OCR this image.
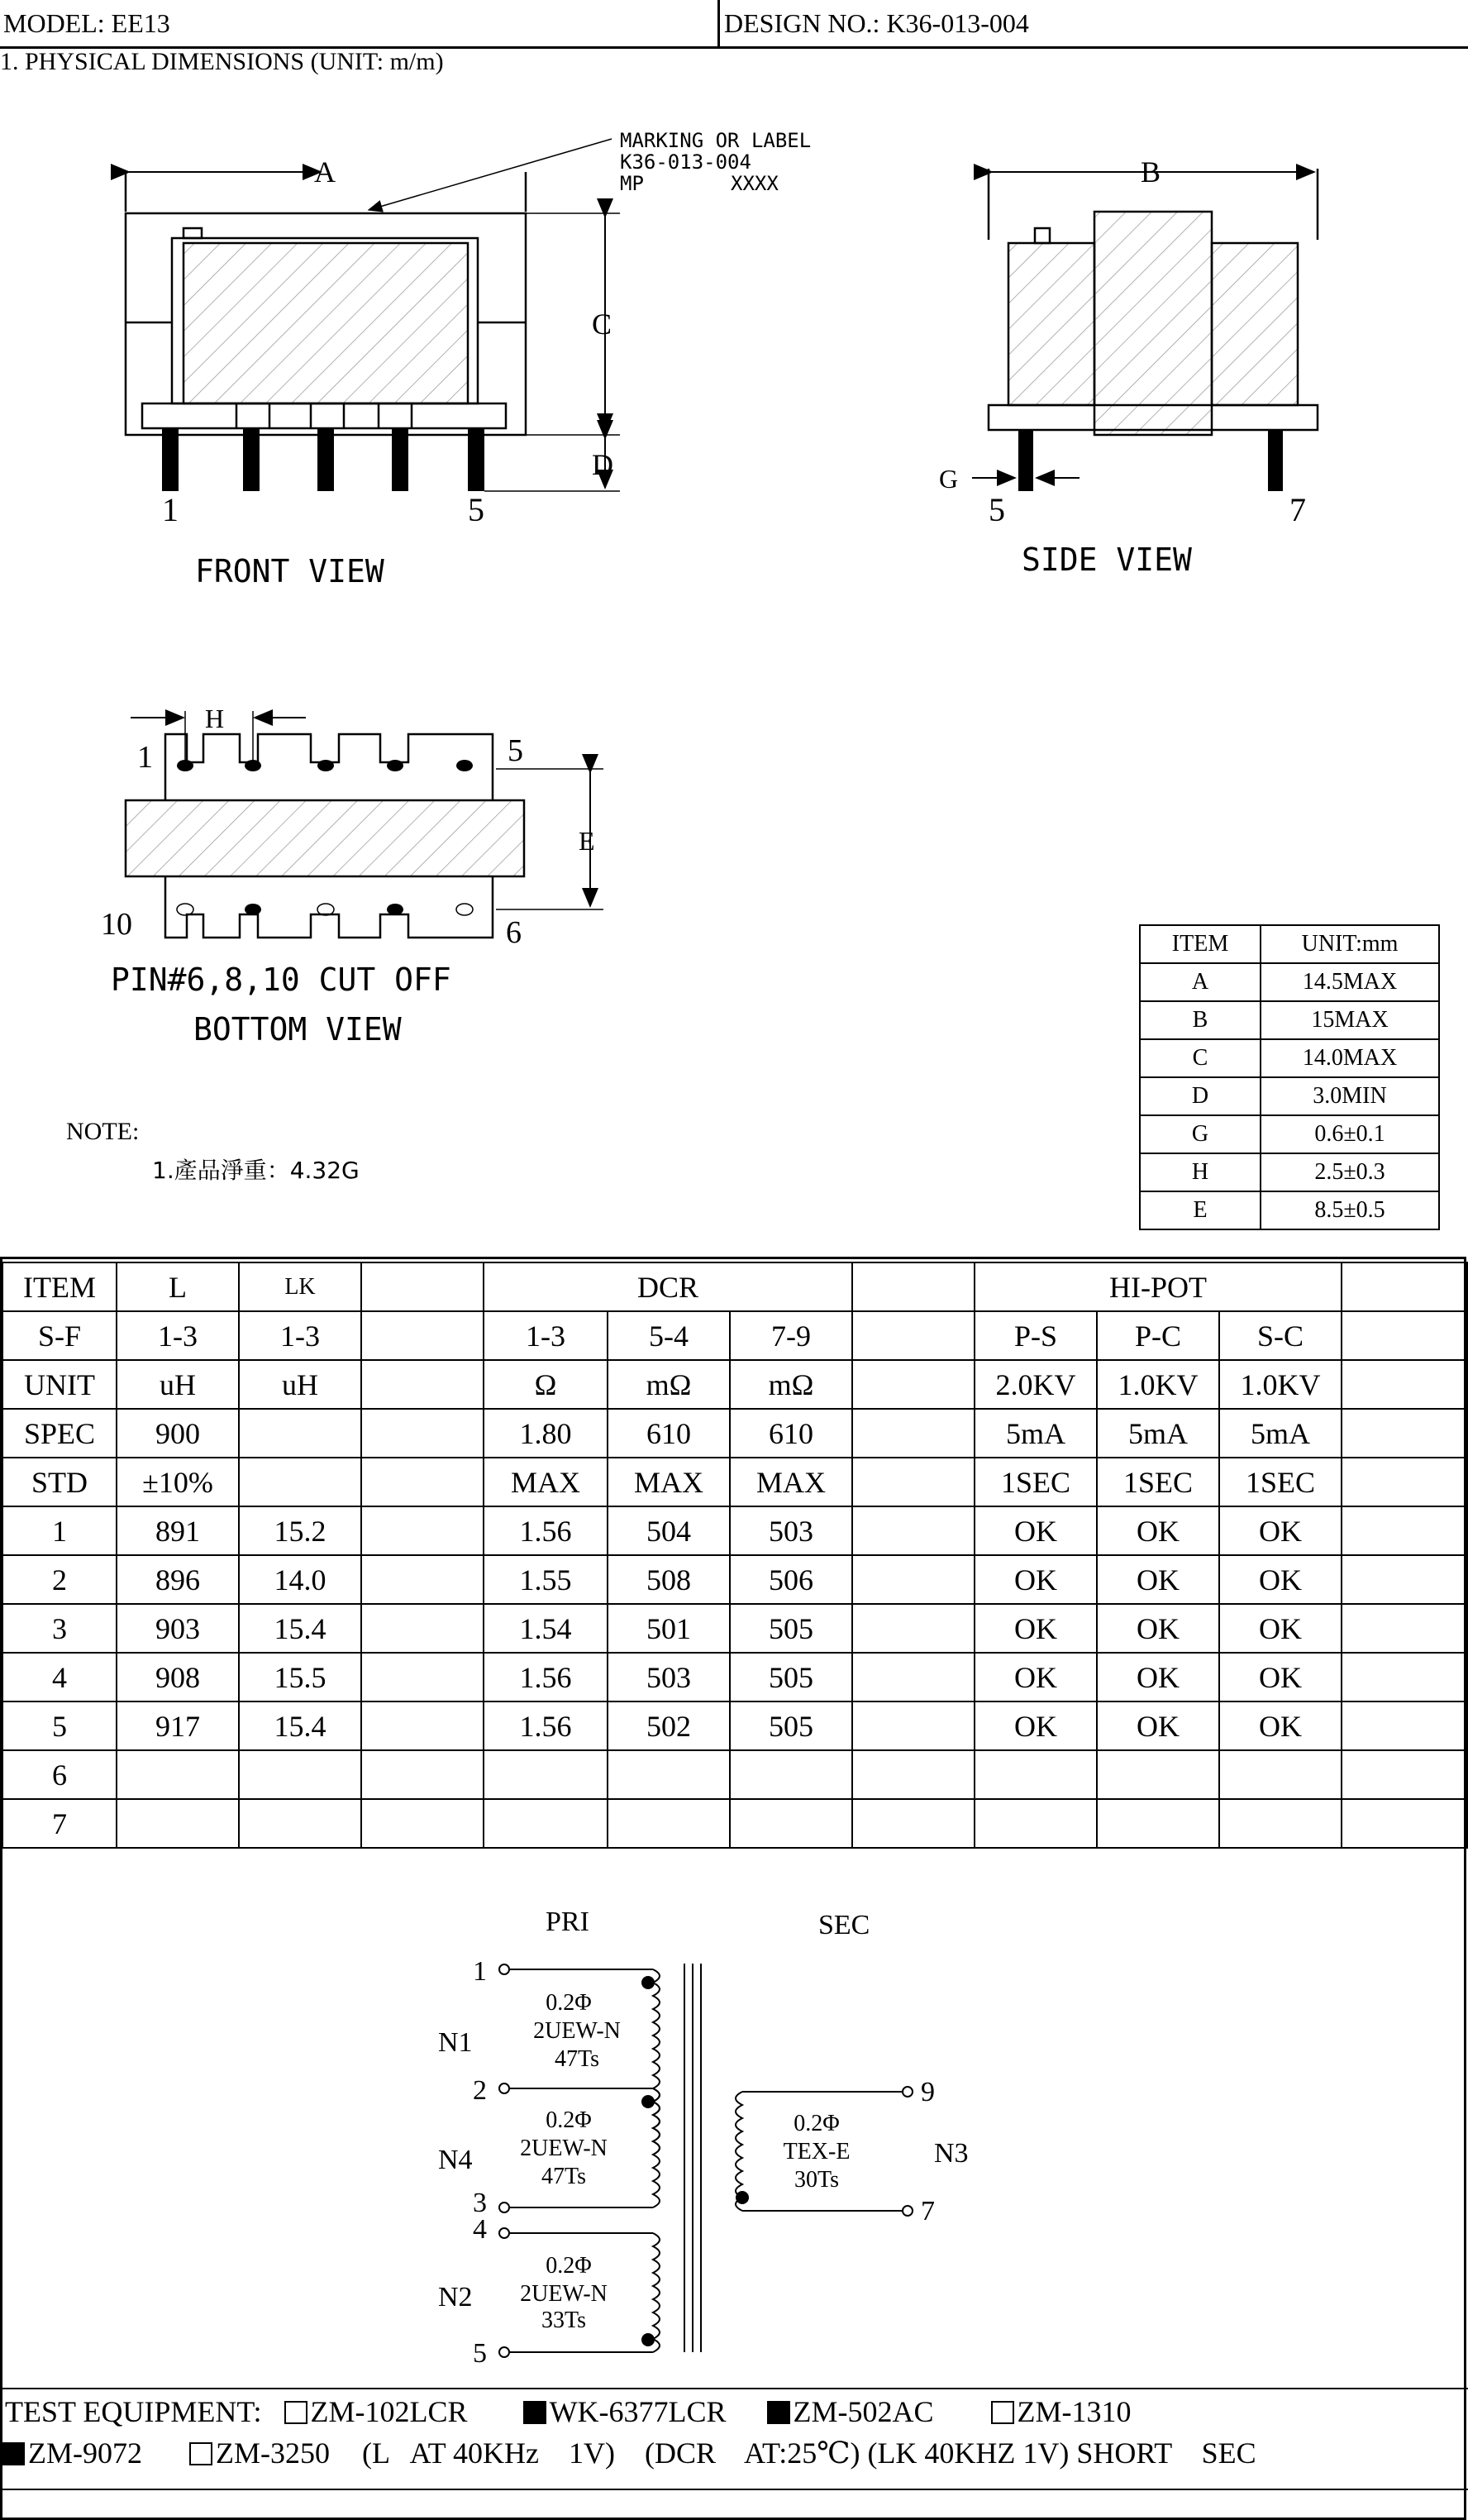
MODEL: EE13	DESIGN NO.: K36-013-004
1. PHYSICAL DIMENSIONS (UNIT: m/m)
MARKING OR LABEL
K36-013-004
MP	XXXX
A
C
D
B
G
H
E
1	5	5	7
1	5
10	6
FRONT VIEW	SIDE VIEW
PIN#6,8,10 CUT OFF
BOTTOM VIEW
ITEM	UNIT:mm
A	14.5MAX
B	15MAX
C	14.0MAX
D	3.0MIN
G	0.6±0.1
H	2.5±0.3
E	8.5±0.5
NOTE:
1.產品淨重：4.32G
ITEM	L	LK		DCR				HI-POT			
S-F	1-3	1-3		1-3	5-4	7-9		P-S	P-C	S-C	
UNIT	uH	uH		Ω	mΩ	mΩ		2.0KV	1.0KV	1.0KV	
SPEC	900			1.80	610	610		5mA	5mA	5mA	
STD	±10%			MAX	MAX	MAX		1SEC	1SEC	1SEC	
1	891	15.2		1.56	504	503		OK	OK	OK	
2	896	14.0		1.55	508	506		OK	OK	OK	
3	903	15.4		1.54	501	505		OK	OK	OK	
4	908	15.5		1.56	503	505		OK	OK	OK	
5	917	15.4		1.56	502	505		OK	OK	OK	
6											
7											
PRI	SEC
1
2
3
4
5
9
7
N1
N4
N2
N3
0.2Φ
2UEW-N
47Ts
0.2Φ
2UEW-N
47Ts
0.2Φ
2UEW-N
33Ts
0.2Φ
TEX-E
30Ts
TEST EQUIPMENT: ZM-102LCR	WK-6377LCR ZM-502AC	ZM-1310
ZM-9072 ZM-3250 (L   AT 40KHz    1V)    (DCR    AT:25℃) (LK 40KHZ 1V) SHORT    SEC
